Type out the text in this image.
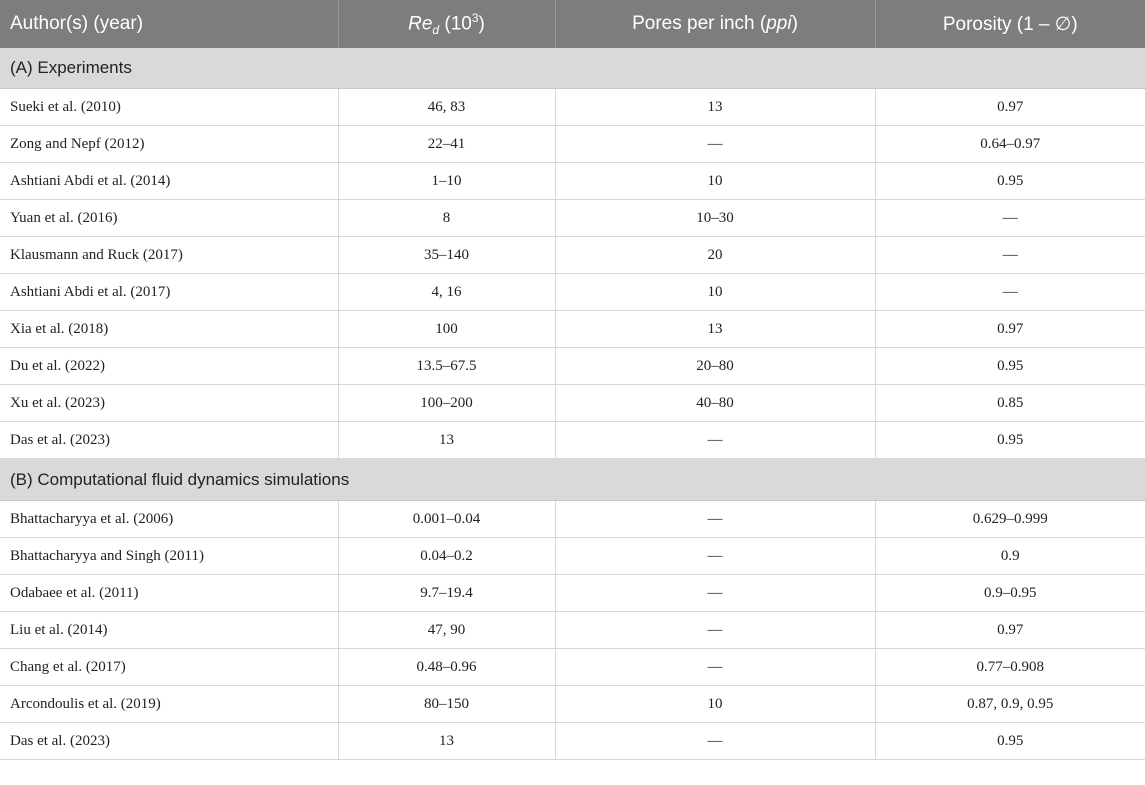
Author(s) (year)	$Re_d$ $(10^3)$	Pores per inch (ppi)	Porosity (1 – ∅)
(A) Experiments			
Sueki et al. (2010)	46, 83	13	0.97
Zong and Nepf (2012)	22–41	—	0.64–0.97
Ashtiani Abdi et al. (2014)	1–10	10	0.95
Yuan et al. (2016)	8	10–30	—
Klausmann and Ruck (2017)	35–140	20	—
Ashtiani Abdi et al. (2017)	4, 16	10	—
Xia et al. (2018)	100	13	0.97
Du et al. (2022)	13.5–67.5	20–80	0.95
Xu et al. (2023)	100–200	40–80	0.85
Das et al. (2023)	13	—	0.95
(B) Computational fluid dynamics simulations			
Bhattacharyya et al. (2006)	0.001–0.04	—	0.629–0.999
Bhattacharyya and Singh (2011)	0.04–0.2	—	0.9
Odabaee et al. (2011)	9.7–19.4	—	0.9–0.95
Liu et al. (2014)	47, 90	—	0.97
Chang et al. (2017)	0.48–0.96	—	0.77–0.908
Arcondoulis et al. (2019)	80–150	10	0.87, 0.9, 0.95
Das et al. (2023)	13	—	0.95
